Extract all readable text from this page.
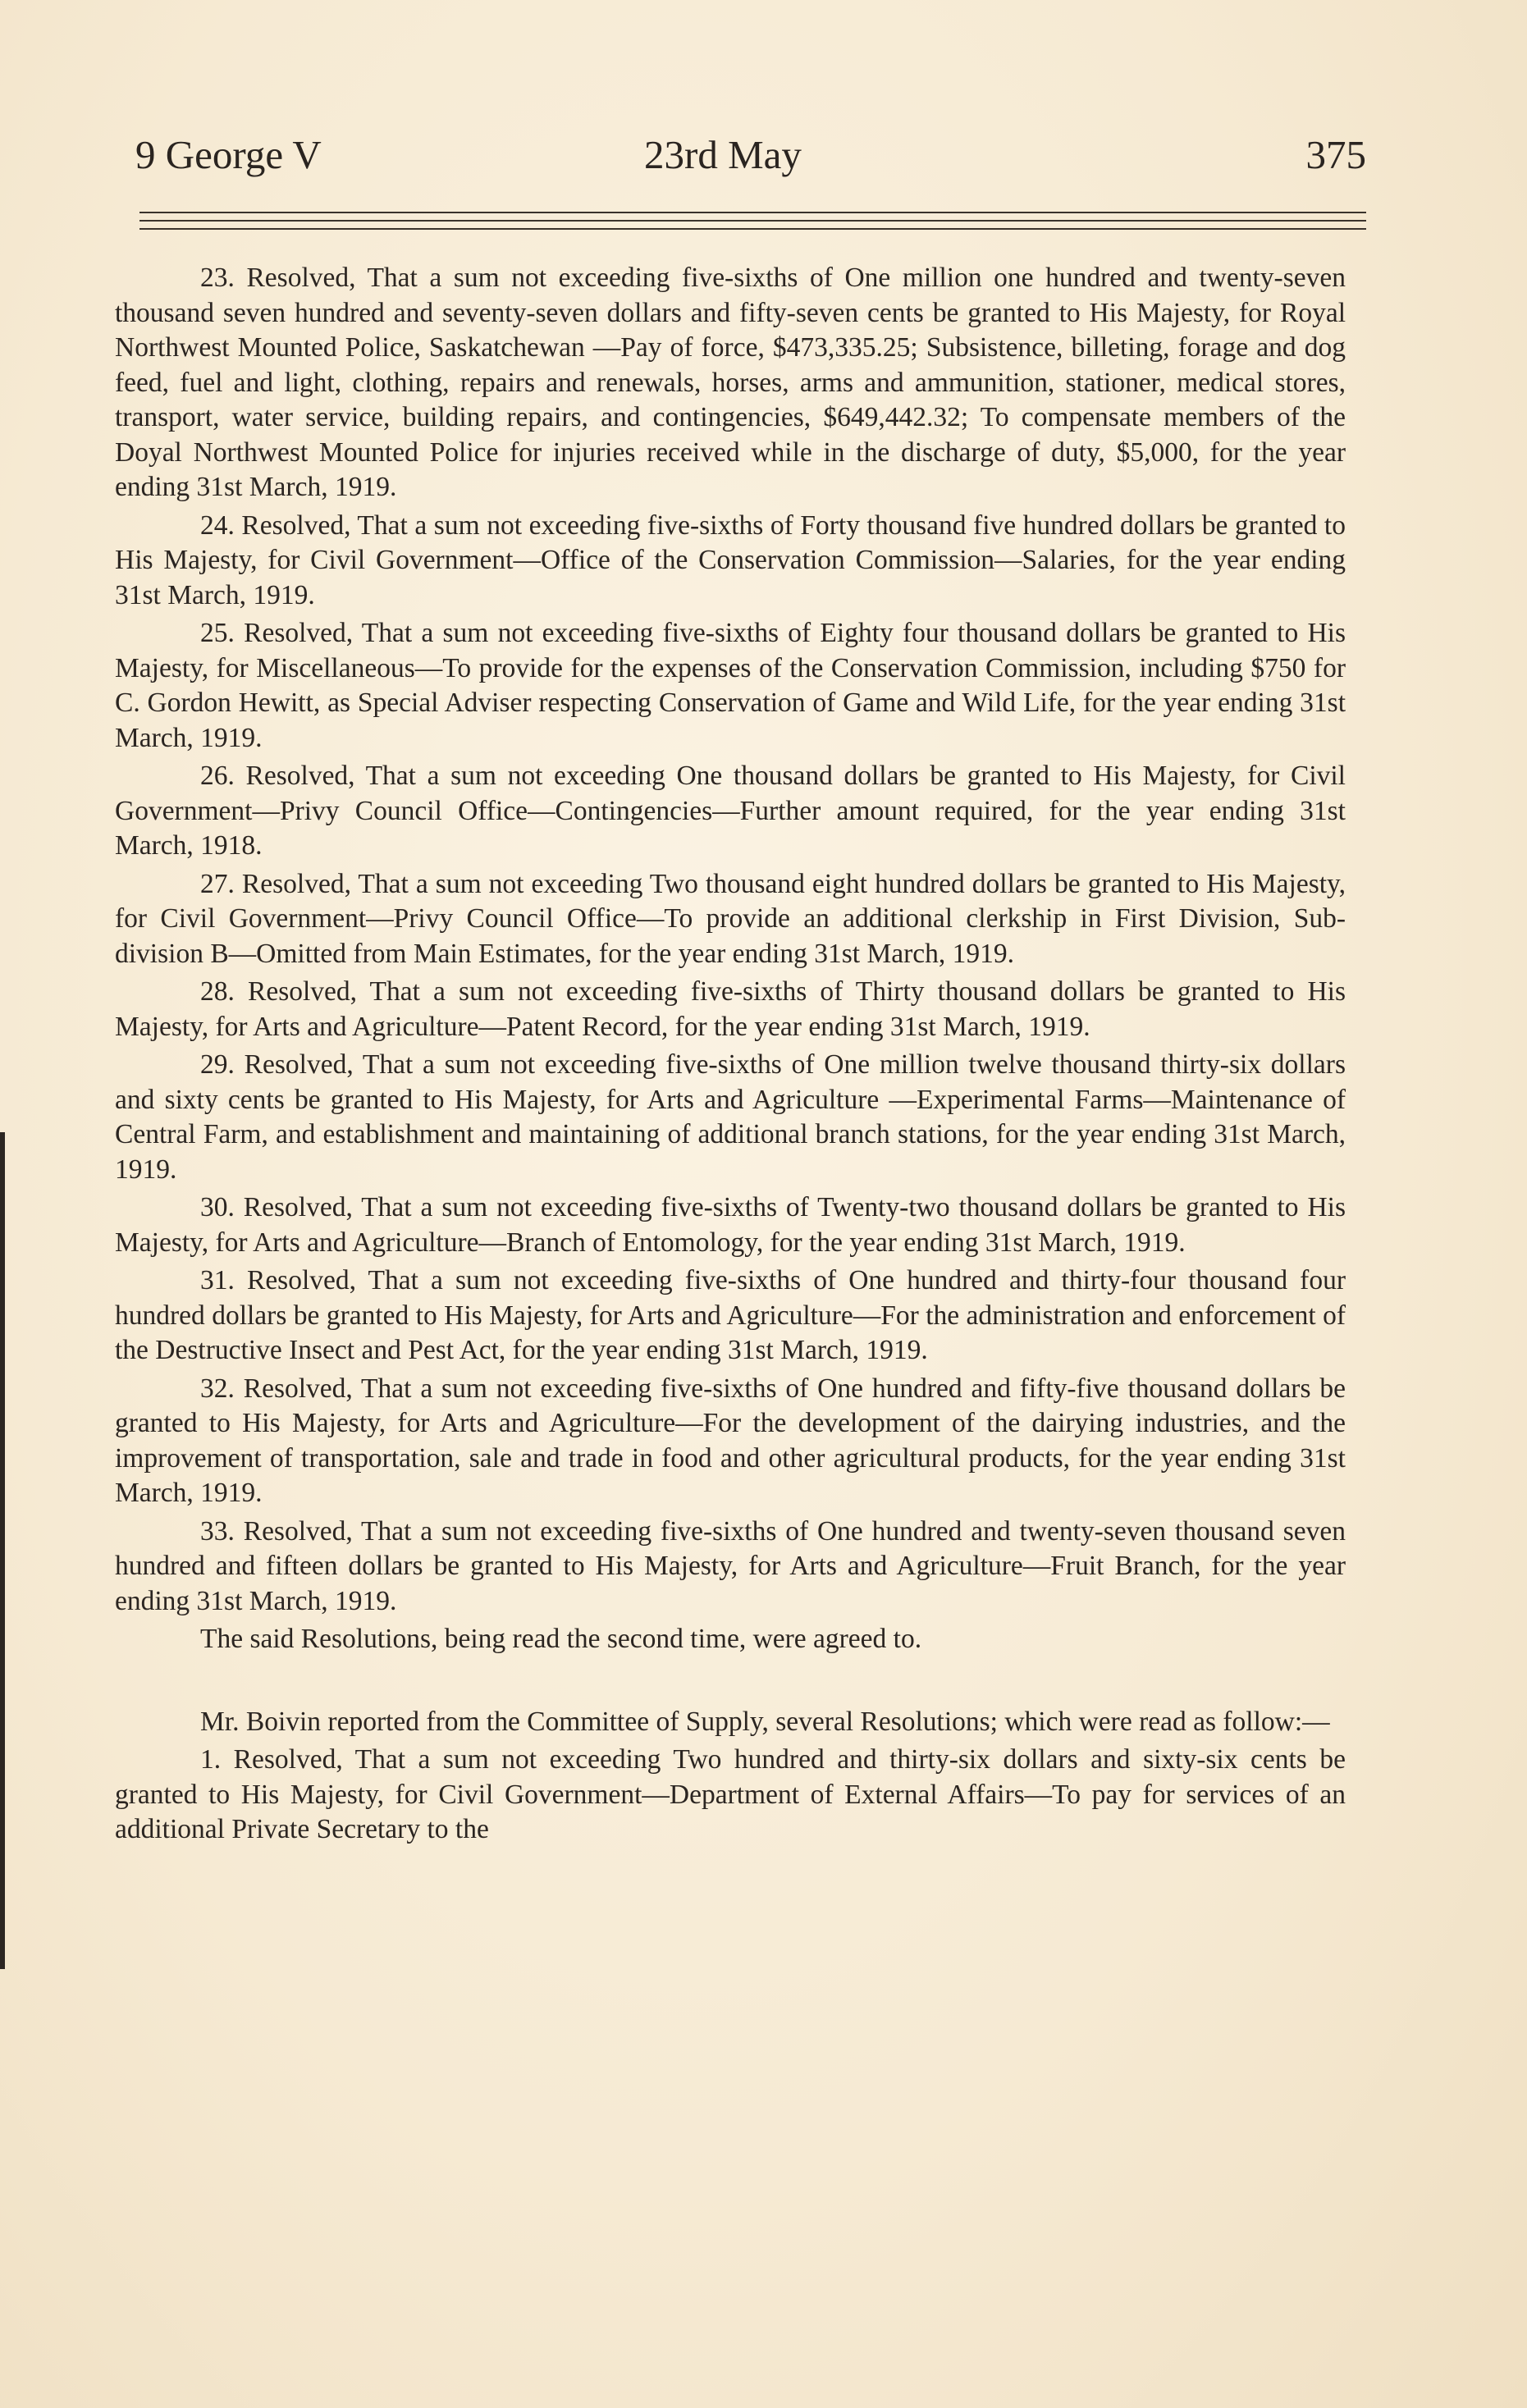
9 George V	23rd May	375

23. Resolved, That a sum not exceeding five-sixths of One million one hundred and twenty-seven thousand seven hundred and seventy-seven dollars and fifty-seven cents be granted to His Majesty, for Royal Northwest Mounted Police, Saskatchewan —Pay of force, $473,335.25; Subsistence, billeting, forage and dog feed, fuel and light, clothing, repairs and renewals, horses, arms and ammunition, stationer, medical stores, transport, water service, building repairs, and contingencies, $649,442.32; To compensate members of the Doyal Northwest Mounted Police for injuries received while in the discharge of duty, $5,000, for the year ending 31st March, 1919.

24. Resolved, That a sum not exceeding five-sixths of Forty thousand five hundred dollars be granted to His Majesty, for Civil Government—Office of the Conservation Commission—Salaries, for the year ending 31st March, 1919.

25. Resolved, That a sum not exceeding five-sixths of Eighty four thousand dollars be granted to His Majesty, for Miscellaneous—To provide for the expenses of the Conservation Commission, including $750 for C. Gordon Hewitt, as Special Adviser respecting Conservation of Game and Wild Life, for the year ending 31st March, 1919.

26. Resolved, That a sum not exceeding One thousand dollars be granted to His Majesty, for Civil Government—Privy Council Office—Contingencies—Further amount required, for the year ending 31st March, 1918.

27. Resolved, That a sum not exceeding Two thousand eight hundred dollars be granted to His Majesty, for Civil Government—Privy Council Office—To provide an additional clerkship in First Division, Sub-division B—Omitted from Main Estimates, for the year ending 31st March, 1919.

28. Resolved, That a sum not exceeding five-sixths of Thirty thousand dollars be granted to His Majesty, for Arts and Agriculture—Patent Record, for the year ending 31st March, 1919.

29. Resolved, That a sum not exceeding five-sixths of One million twelve thousand thirty-six dollars and sixty cents be granted to His Majesty, for Arts and Agriculture —Experimental Farms—Maintenance of Central Farm, and establishment and maintaining of additional branch stations, for the year ending 31st March, 1919.

30. Resolved, That a sum not exceeding five-sixths of Twenty-two thousand dollars be granted to His Majesty, for Arts and Agriculture—Branch of Entomology, for the year ending 31st March, 1919.

31. Resolved, That a sum not exceeding five-sixths of One hundred and thirty-four thousand four hundred dollars be granted to His Majesty, for Arts and Agriculture—For the administration and enforcement of the Destructive Insect and Pest Act, for the year ending 31st March, 1919.

32. Resolved, That a sum not exceeding five-sixths of One hundred and fifty-five thousand dollars be granted to His Majesty, for Arts and Agriculture—For the development of the dairying industries, and the improvement of transportation, sale and trade in food and other agricultural products, for the year ending 31st March, 1919.

33. Resolved, That a sum not exceeding five-sixths of One hundred and twenty-seven thousand seven hundred and fifteen dollars be granted to His Majesty, for Arts and Agriculture—Fruit Branch, for the year ending 31st March, 1919.

The said Resolutions, being read the second time, were agreed to.

Mr. Boivin reported from the Committee of Supply, several Resolutions; which were read as follow:—

1. Resolved, That a sum not exceeding Two hundred and thirty-six dollars and sixty-six cents be granted to His Majesty, for Civil Government—Department of External Affairs—To pay for services of an additional Private Secretary to the
